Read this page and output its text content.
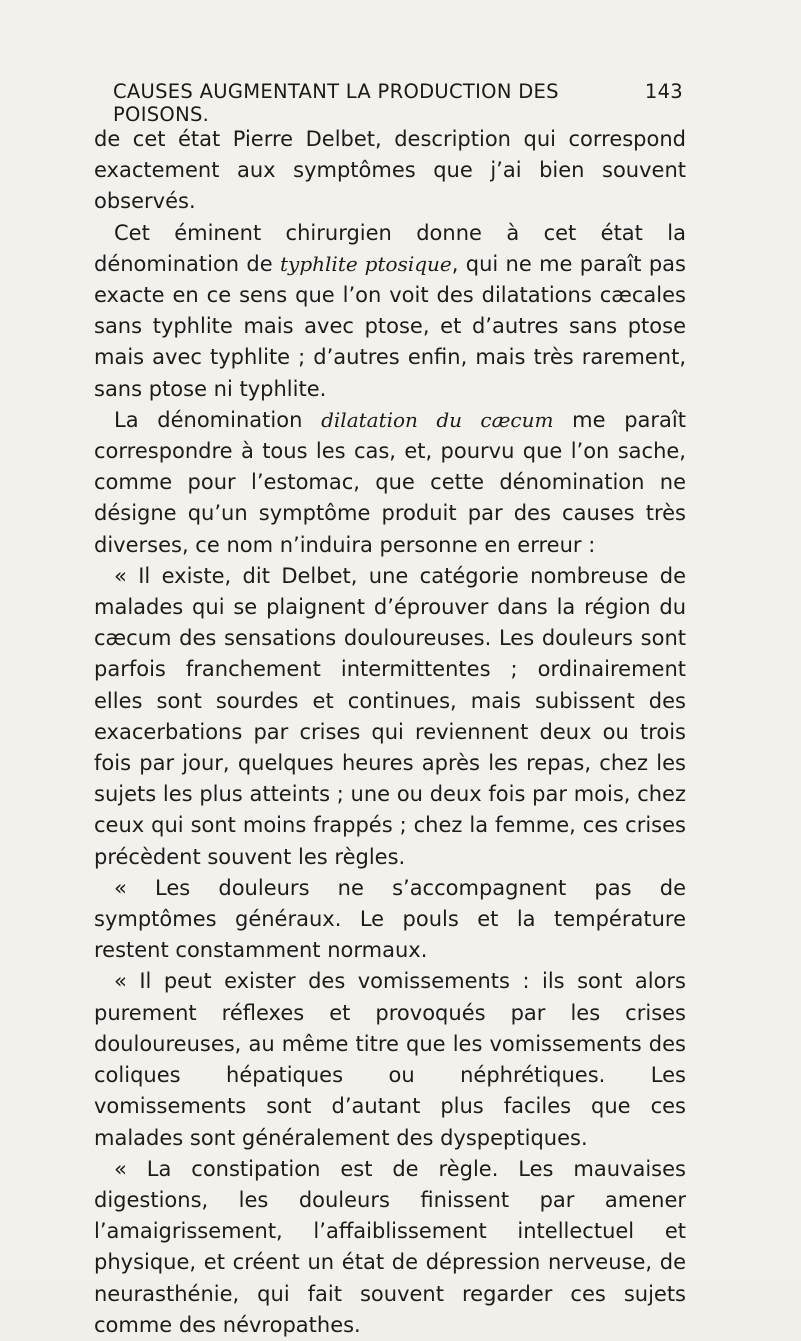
CAUSES AUGMENTANT LA PRODUCTION DES POISONS.
143

de cet état Pierre Delbet, description qui correspond exactement aux symptômes que j’ai bien souvent observés.

Cet éminent chirurgien donne à cet état la dénomination de typhlite ptosique, qui ne me paraît pas exacte en ce sens que l’on voit des dilatations cæcales sans typhlite mais avec ptose, et d’autres sans ptose mais avec typhlite ; d’autres enfin, mais très rarement, sans ptose ni typhlite.

La dénomination dilatation du cæcum me paraît correspondre à tous les cas, et, pourvu que l’on sache, comme pour l’estomac, que cette dénomination ne désigne qu’un symptôme produit par des causes très diverses, ce nom n’induira personne en erreur :

« Il existe, dit Delbet, une catégorie nombreuse de malades qui se plaignent d’éprouver dans la région du cæcum des sensations douloureuses. Les douleurs sont parfois franchement intermittentes ; ordinairement elles sont sourdes et continues, mais subissent des exacerbations par crises qui reviennent deux ou trois fois par jour, quelques heures après les repas, chez les sujets les plus atteints ; une ou deux fois par mois, chez ceux qui sont moins frappés ; chez la femme, ces crises précèdent souvent les règles.

« Les douleurs ne s’accompagnent pas de symptômes généraux. Le pouls et la température restent constamment normaux.

« Il peut exister des vomissements : ils sont alors purement réflexes et provoqués par les crises douloureuses, au même titre que les vomissements des coliques hépatiques ou néphrétiques. Les vomissements sont d’autant plus faciles que ces malades sont généralement des dyspeptiques.

« La constipation est de règle. Les mauvaises digestions, les douleurs finissent par amener l’amaigrissement, l’affaiblissement intellectuel et physique, et créent un état de dépression nerveuse, de neurasthénie, qui fait souvent regarder ces sujets comme des névropathes.
